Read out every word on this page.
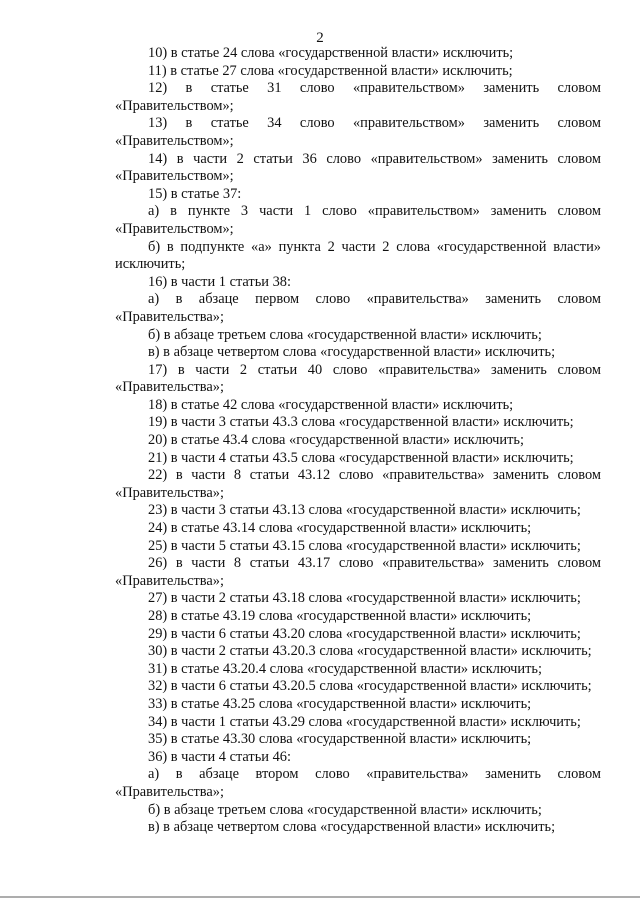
2

10) в статье 24 слова «государственной власти» исключить;

11) в статье 27 слова «государственной власти» исключить;

12) в статье 31 слово «правительством» заменить словом «Правительством»;

13) в статье 34 слово «правительством» заменить словом «Правительством»;

14) в части 2 статьи 36 слово «правительством» заменить словом «Правительством»;

15) в статье 37:

а) в пункте 3 части 1 слово «правительством» заменить словом «Правительством»;

б) в подпункте «а» пункта 2 части 2 слова «государственной власти» исключить;

16) в части 1 статьи 38:

а) в абзаце первом слово «правительства» заменить словом «Правительства»;

б) в абзаце третьем слова «государственной власти» исключить;

в) в абзаце четвертом слова «государственной власти» исключить;

17) в части 2 статьи 40 слово «правительства» заменить словом «Правительства»;

18) в статье 42 слова «государственной власти» исключить;

19) в части 3 статьи 43.3 слова «государственной власти» исключить;

20) в статье 43.4 слова «государственной власти» исключить;

21) в части 4 статьи 43.5 слова «государственной власти» исключить;

22) в части 8 статьи 43.12 слово «правительства» заменить словом «Правительства»;

23) в части 3 статьи 43.13 слова «государственной власти» исключить;

24) в статье 43.14 слова «государственной власти» исключить;

25) в части 5 статьи 43.15 слова «государственной власти» исключить;

26) в части 8 статьи 43.17 слово «правительства» заменить словом «Правительства»;

27) в части 2 статьи 43.18 слова «государственной власти» исключить;

28) в статье 43.19 слова «государственной власти» исключить;

29) в части 6 статьи 43.20 слова «государственной власти» исключить;

30) в части 2 статьи 43.20.3 слова «государственной власти» исключить;

31) в статье 43.20.4 слова «государственной власти» исключить;

32) в части 6 статьи 43.20.5 слова «государственной власти» исключить;

33) в статье 43.25 слова «государственной власти» исключить;

34) в части 1 статьи 43.29 слова «государственной власти» исключить;

35) в статье 43.30 слова «государственной власти» исключить;

36) в части 4 статьи 46:

а) в абзаце втором слово «правительства» заменить словом «Правительства»;

б) в абзаце третьем слова «государственной власти» исключить;

в) в абзаце четвертом слова «государственной власти» исключить;
